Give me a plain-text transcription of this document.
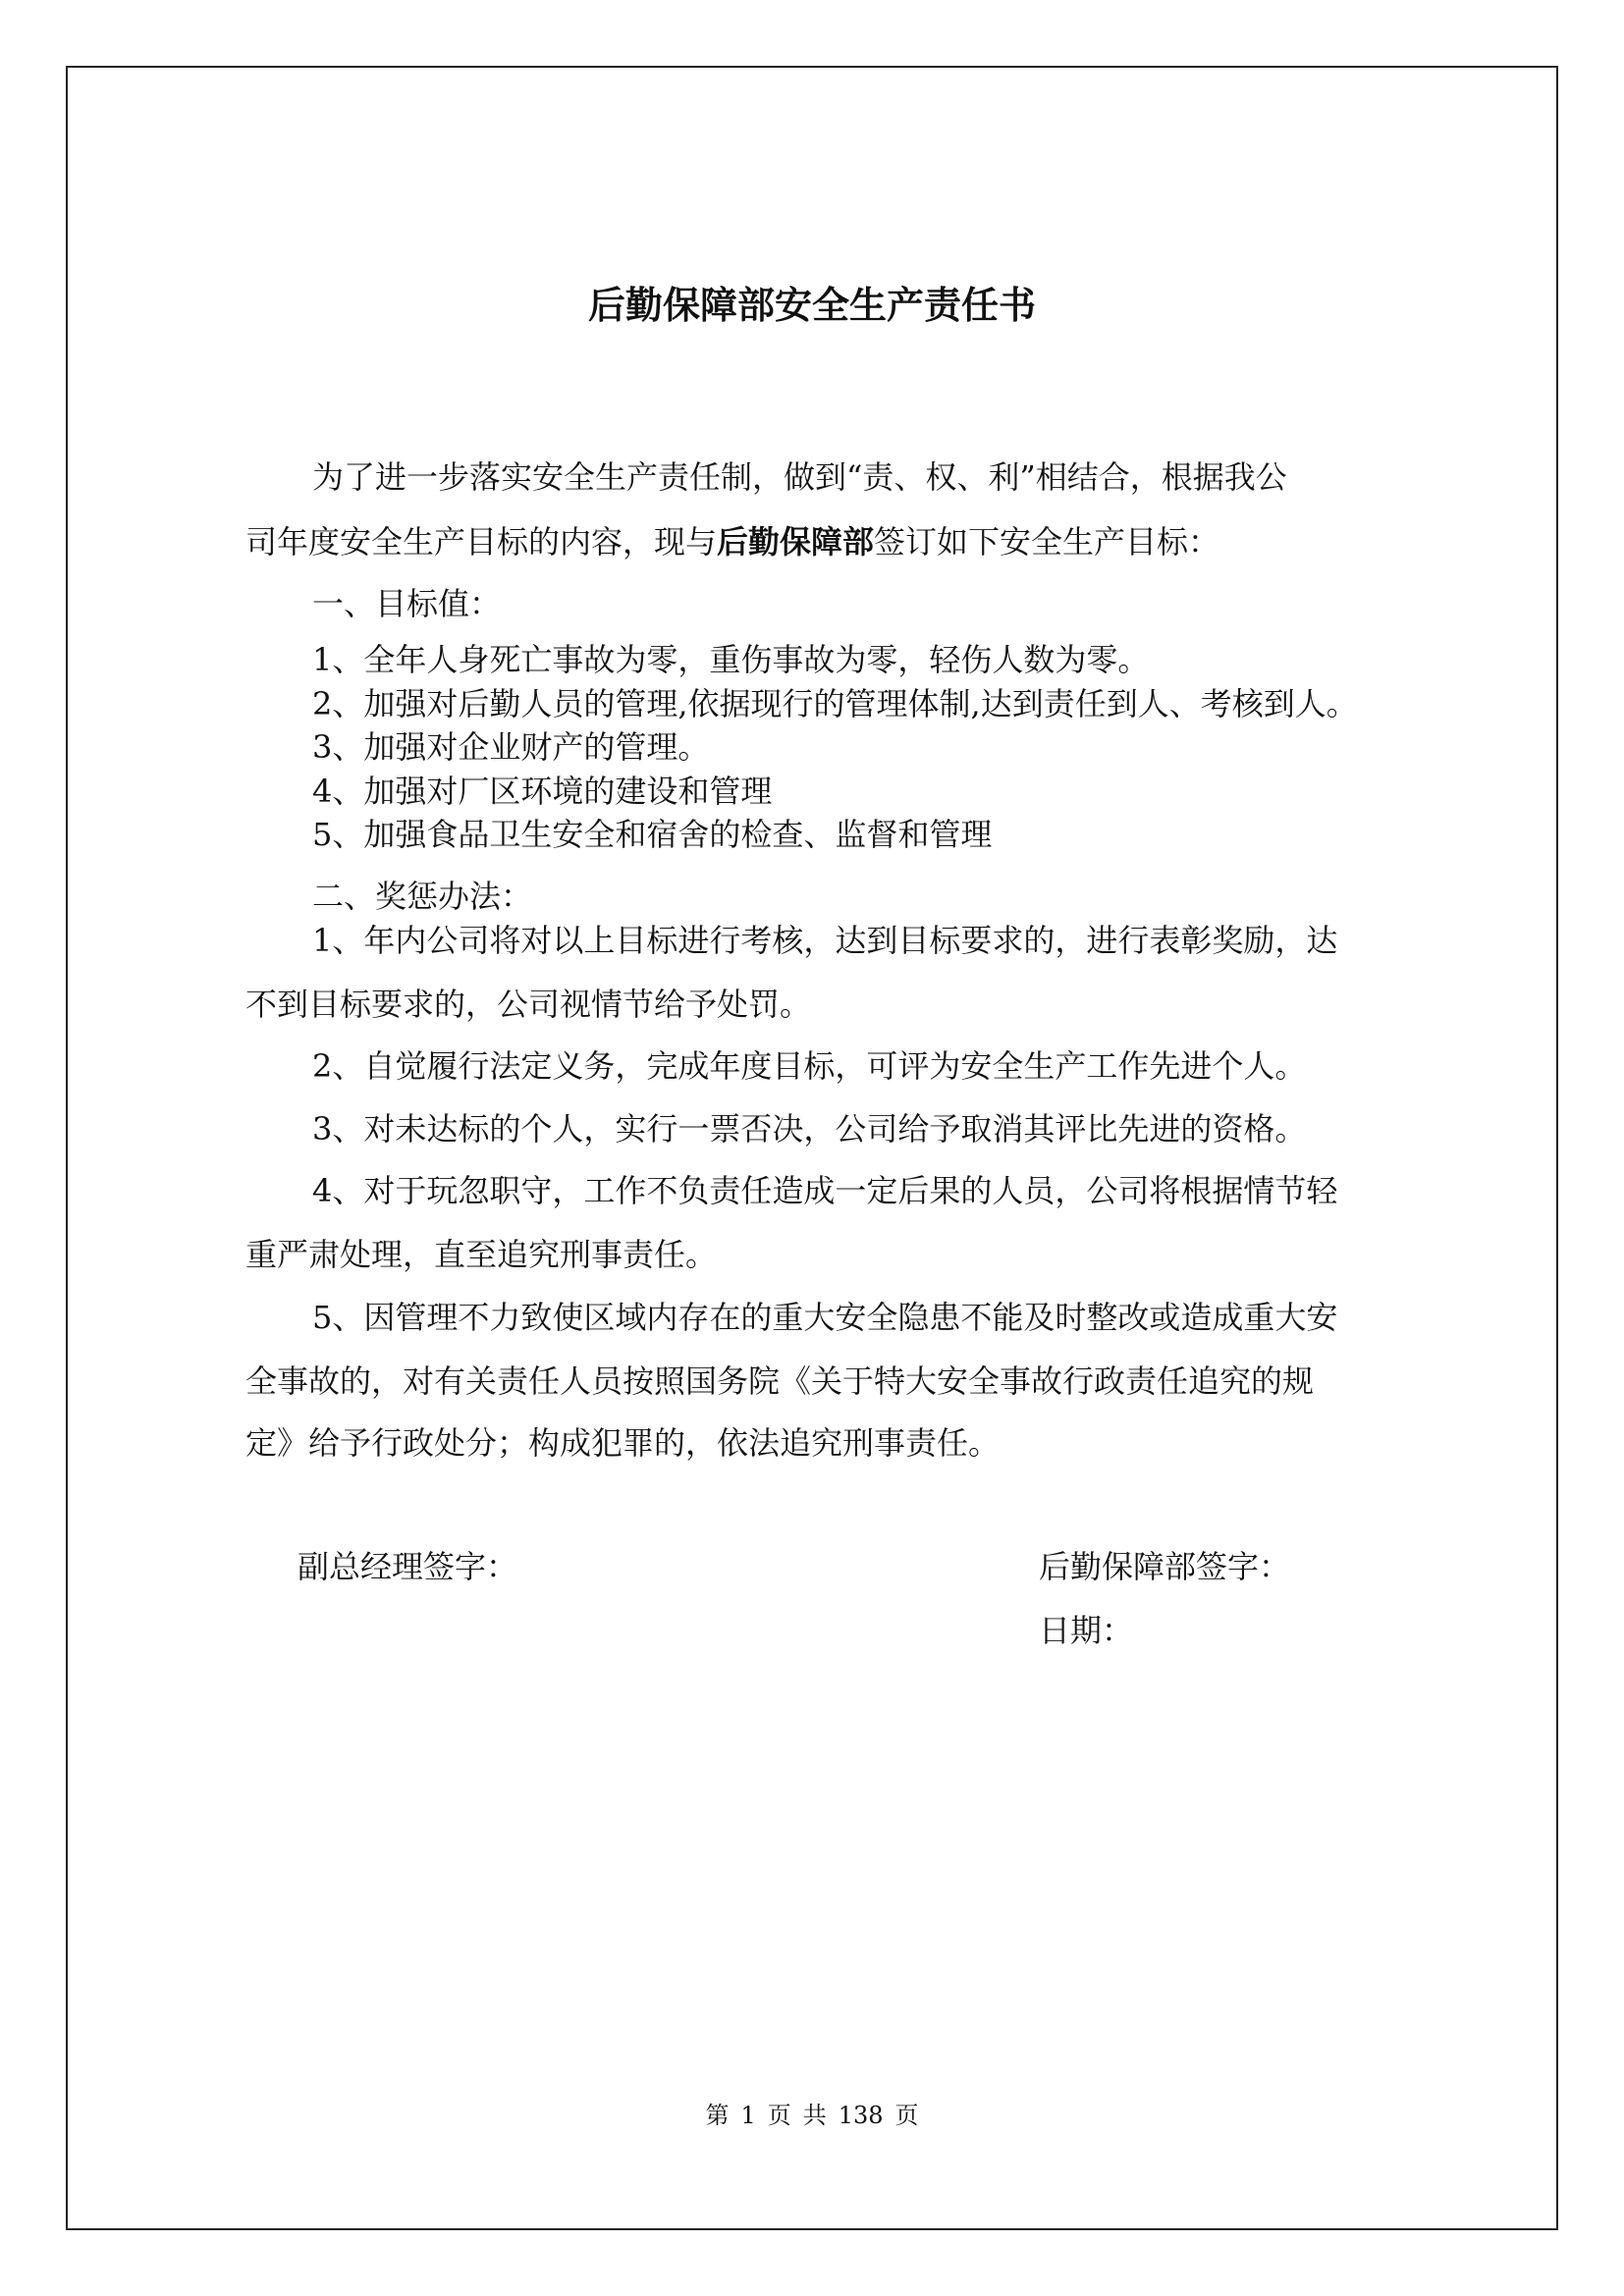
后勤保障部安全生产责任书

为了进一步落实安全生产责任制，做到“责、权、利”相结合，根据我公

司年度安全生产目标的内容，现与后勤保障部签订如下安全生产目标：

一、目标值：

1、全年人身死亡事故为零，重伤事故为零，轻伤人数为零。

2、加强对后勤人员的管理,依据现行的管理体制,达到责任到人、考核到人。

3、加强对企业财产的管理。

4、加强对厂区环境的建设和管理

5、加强食品卫生安全和宿舍的检查、监督和管理

二、奖惩办法：

1、年内公司将对以上目标进行考核，达到目标要求的，进行表彰奖励，达

不到目标要求的，公司视情节给予处罚。

2、自觉履行法定义务，完成年度目标，可评为安全生产工作先进个人。

3、对未达标的个人，实行一票否决，公司给予取消其评比先进的资格。

4、对于玩忽职守，工作不负责任造成一定后果的人员，公司将根据情节轻

重严肃处理，直至追究刑事责任。

5、因管理不力致使区域内存在的重大安全隐患不能及时整改或造成重大安

全事故的，对有关责任人员按照国务院《关于特大安全事故行政责任追究的规

定》给予行政处分；构成犯罪的，依法追究刑事责任。

副总经理签字：	后勤保障部签字：

日期：

第 1 页 共 138 页
